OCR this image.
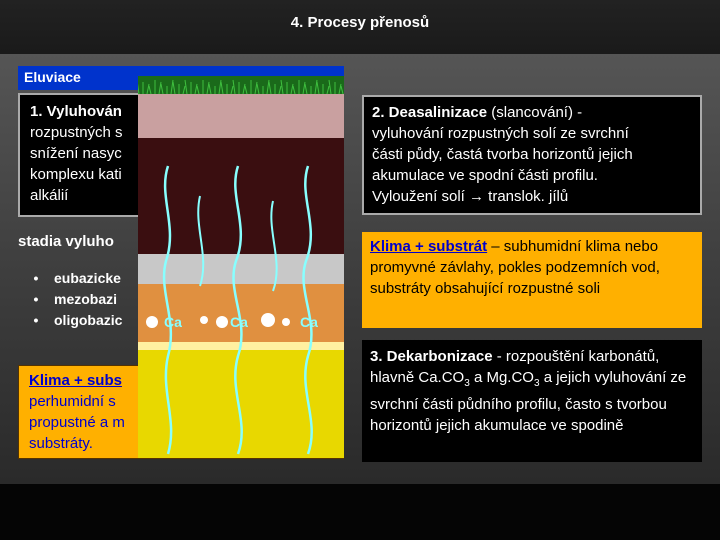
4. Procesy přenosů
Eluviace
1. Vyluhován
rozpustných s
snížení nasyc
komplexu kati
alkálií
stadia vyluho
•	eubazicke
•	mezobazi
•	oligobazic
Klima + subs
perhumidní s
propustné a m
substráty.
Ca	Ca	Ca
2. Deasalinizace (slancování) -
vyluhování rozpustných solí ze svrchní
části půdy, častá tvorba horizontů jejich
akumulace ve spodní části profilu.
Vyloužení solí → translok. jílů
Klima + substrát – subhumidní klima nebo promyvné závlahy, pokles podzemních vod, substráty obsahující rozpustné soli
3. Dekarbonizace - rozpouštění karbonátů, hlavně $Ca.CO_3$ a $Mg.CO_3$ a jejich vyluhování ze svrchní části půdního profilu, často s tvorbou horizontů jejich akumulace ve spodině
